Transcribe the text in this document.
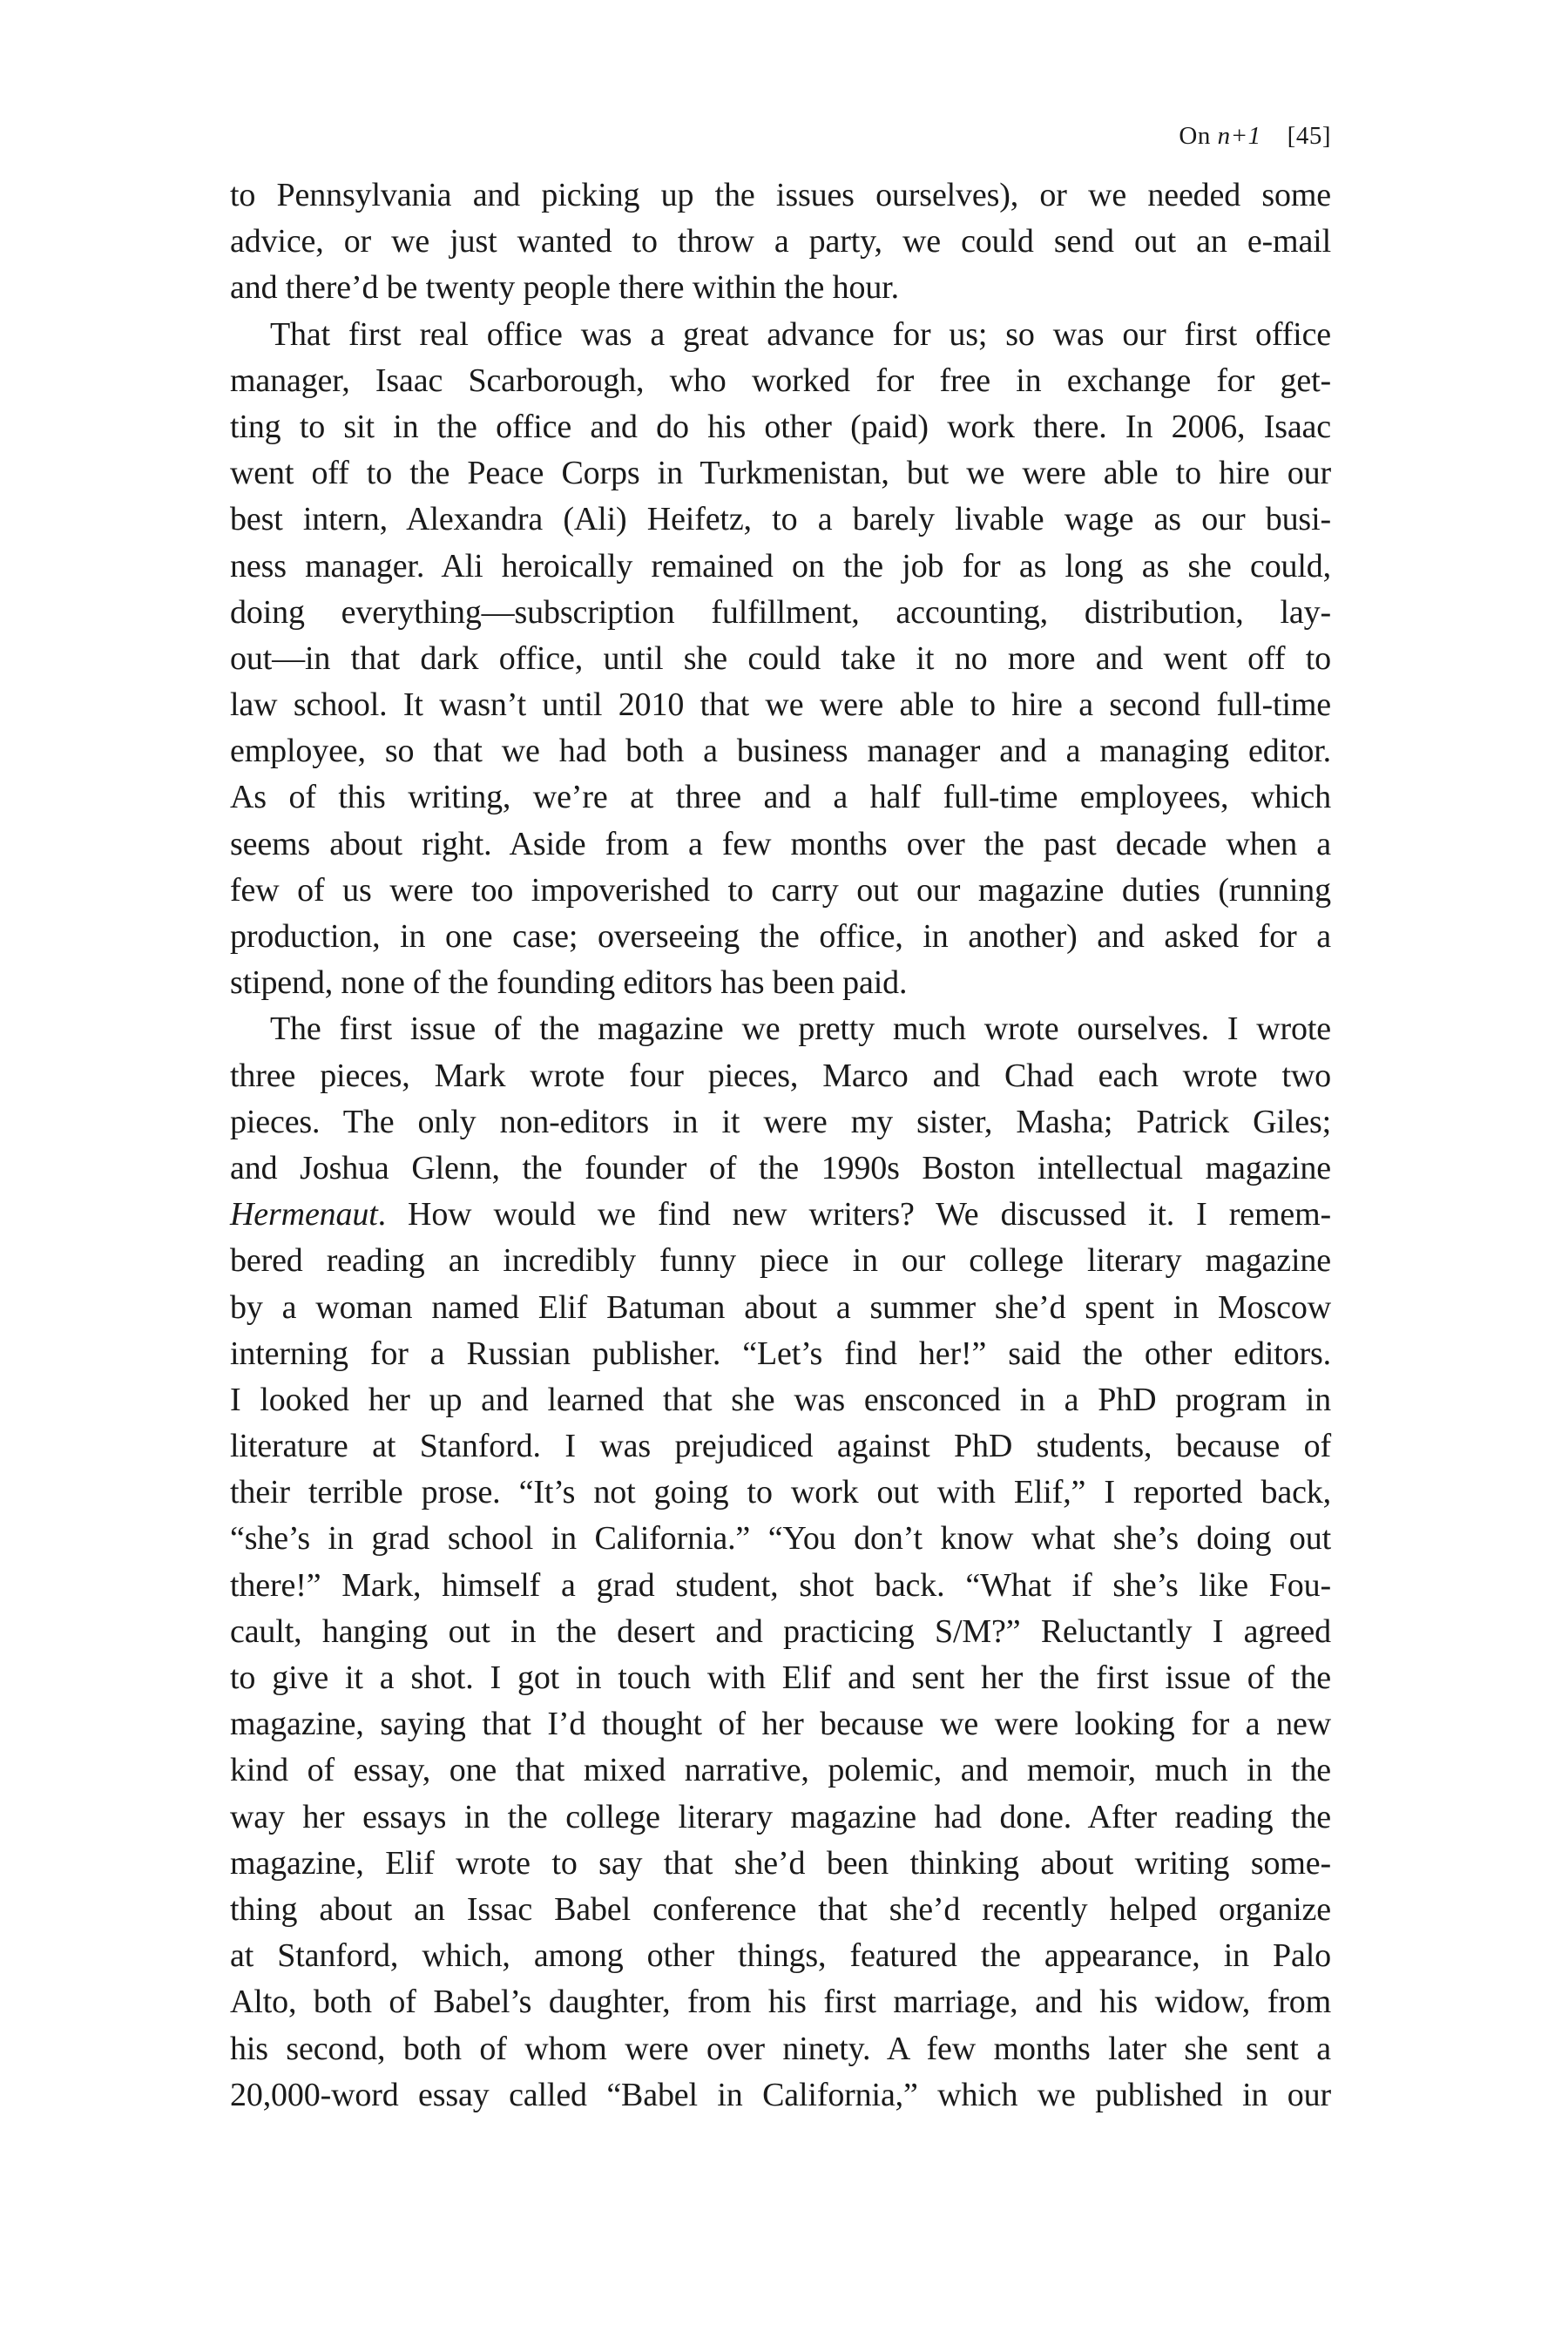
On n+1 [45]
to Pennsylvania and picking up the issues ourselves), or we needed some
advice, or we just wanted to throw a party, we could send out an e-mail
and there’d be twenty people there within the hour.
That first real office was a great advance for us; so was our first office
manager, Isaac Scarborough, who worked for free in exchange for get-
ting to sit in the office and do his other (paid) work there. In 2006, Isaac
went off to the Peace Corps in Turkmenistan, but we were able to hire our
best intern, Alexandra (Ali) Heifetz, to a barely livable wage as our busi-
ness manager. Ali heroically remained on the job for as long as she could,
doing everything—subscription fulfillment, accounting, distribution, lay-
out—in that dark office, until she could take it no more and went off to
law school. It wasn’t until 2010 that we were able to hire a second full-time
employee, so that we had both a business manager and a managing editor.
As of this writing, we’re at three and a half full-time employees, which
seems about right. Aside from a few months over the past decade when a
few of us were too impoverished to carry out our magazine duties (running
production, in one case; overseeing the office, in another) and asked for a
stipend, none of the founding editors has been paid.
The first issue of the magazine we pretty much wrote ourselves. I wrote
three pieces, Mark wrote four pieces, Marco and Chad each wrote two
pieces. The only non-editors in it were my sister, Masha; Patrick Giles;
and Joshua Glenn, the founder of the 1990s Boston intellectual magazine
Hermenaut. How would we find new writers? We discussed it. I remem-
bered reading an incredibly funny piece in our college literary magazine
by a woman named Elif Batuman about a summer she’d spent in Moscow
interning for a Russian publisher. “Let’s find her!” said the other editors.
I looked her up and learned that she was ensconced in a PhD program in
literature at Stanford. I was prejudiced against PhD students, because of
their terrible prose. “It’s not going to work out with Elif,” I reported back,
“she’s in grad school in California.” “You don’t know what she’s doing out
there!” Mark, himself a grad student, shot back. “What if she’s like Fou-
cault, hanging out in the desert and practicing S/M?” Reluctantly I agreed
to give it a shot. I got in touch with Elif and sent her the first issue of the
magazine, saying that I’d thought of her because we were looking for a new
kind of essay, one that mixed narrative, polemic, and memoir, much in the
way her essays in the college literary magazine had done. After reading the
magazine, Elif wrote to say that she’d been thinking about writing some-
thing about an Issac Babel conference that she’d recently helped organize
at Stanford, which, among other things, featured the appearance, in Palo
Alto, both of Babel’s daughter, from his first marriage, and his widow, from
his second, both of whom were over ninety. A few months later she sent a
20,000-word essay called “Babel in California,” which we published in our
